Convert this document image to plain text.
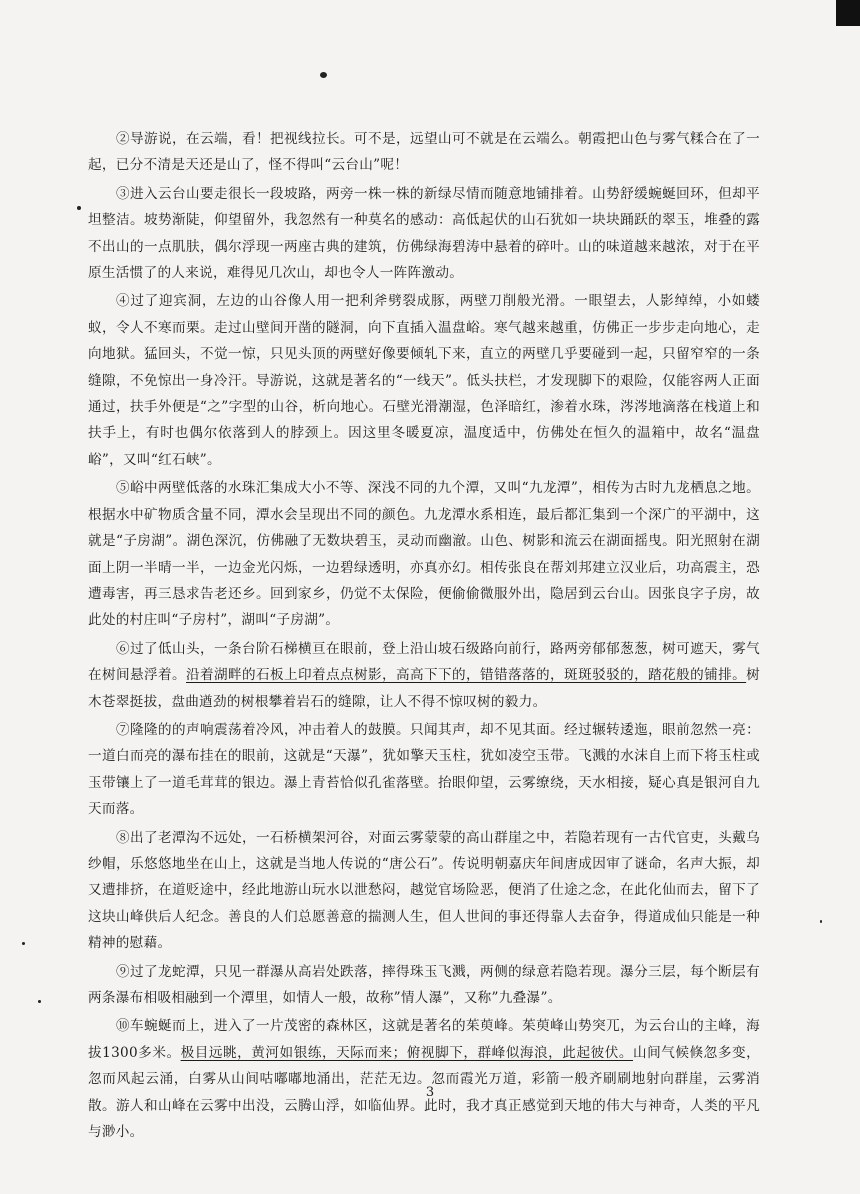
②导游说，在云端，看！把视线拉长。可不是，远望山可不就是在云端么。朝霞把山色与雾气糅合在了一起，已分不清是天还是山了，怪不得叫“云台山”呢！

③进入云台山要走很长一段坡路，两旁一株一株的新绿尽情而随意地铺排着。山势舒缓蜿蜒回环，但却平坦整洁。坡势渐陡，仰望留外，我忽然有一种莫名的感动：高低起伏的山石犹如一块块踊跃的翠玉，堆叠的露不出山的一点肌肤，偶尔浮现一两座古典的建筑，仿佛绿海碧涛中悬着的碎叶。山的味道越来越浓，对于在平原生活惯了的人来说，难得见几次山，却也令人一阵阵激动。

④过了迎宾洞，左边的山谷像人用一把利斧劈裂成豚，两壁刀削般光滑。一眼望去，人影绰绰，小如蝼蚁，令人不寒而栗。走过山壁间开凿的隧洞，向下直插入温盘峪。寒气越来越重，仿佛正一步步走向地心，走向地狱。猛回头，不觉一惊，只见头顶的两壁好像要倾轧下来，直立的两壁几乎要碰到一起，只留窄窄的一条缝隙，不免惊出一身冷汗。导游说，这就是著名的“一线天”。低头扶栏，才发现脚下的艰险，仅能容两人正面通过，扶手外便是“之”字型的山谷，析向地心。石壁光滑潮湿，色泽暗红，渗着水珠，涔涔地滴落在栈道上和扶手上，有时也偶尔依落到人的脖颈上。因这里冬暖夏凉，温度适中，仿佛处在恒久的温箱中，故名“温盘峪”，又叫“红石峡”。

⑤峪中两壁低落的水珠汇集成大小不等、深浅不同的九个潭，又叫“九龙潭”，相传为古时九龙栖息之地。根据水中矿物质含量不同，潭水会呈现出不同的颜色。九龙潭水系相连，最后都汇集到一个深广的平湖中，这就是“子房湖”。湖色深沉，仿佛融了无数块碧玉，灵动而幽澈。山色、树影和流云在湖面摇曳。阳光照射在湖面上阴一半晴一半，一边金光闪烁，一边碧绿透明，亦真亦幻。相传张良在帮刘邦建立汉业后，功高震主，恐遭毒害，再三恳求告老还乡。回到家乡，仍觉不太保险，便偷偷微服外出，隐居到云台山。因张良字子房，故此处的村庄叫“子房村”，湖叫“子房湖”。

⑥过了低山头，一条台阶石梯横亘在眼前，登上沿山坡石级路向前行，路两旁郁郁葱葱，树可遮天，雾气在树间悬浮着。沿着湖畔的石板上印着点点树影，高高下下的，错错落落的，斑斑驳驳的，踏花般的铺排。树木苍翠挺拔，盘曲遒劲的树根攀着岩石的缝隙，让人不得不惊叹树的毅力。

⑦隆隆的的声响震荡着冷风，冲击着人的鼓膜。只闻其声，却不见其面。经过辗转逶迤，眼前忽然一亮：一道白而亮的瀑布挂在的眼前，这就是“天瀑”，犹如擎天玉柱，犹如凌空玉带。飞溅的水沫自上而下将玉柱或玉带镶上了一道毛茸茸的银边。瀑上青苔恰似孔雀落壁。抬眼仰望，云雾缭绕，天水相接，疑心真是银河自九天而落。

⑧出了老潭沟不远处，一石桥横架河谷，对面云雾蒙蒙的高山群崖之中，若隐若现有一古代官吏，头戴乌纱帽，乐悠悠地坐在山上，这就是当地人传说的“唐公石”。传说明朝嘉庆年间唐成因审了谜命，名声大振，却又遭排挤，在道贬途中，经此地游山玩水以泄愁闷，越觉官场险恶，便消了仕途之念，在此化仙而去，留下了这块山峰供后人纪念。善良的人们总愿善意的揣测人生，但人世间的事还得靠人去奋争，得道成仙只能是一种精神的慰藉。

⑨过了龙蛇潭，只见一群瀑从高岩处跌落，摔得珠玉飞溅，两侧的绿意若隐若现。瀑分三层，每个断层有两条瀑布相吸相融到一个潭里，如情人一般，故称”情人瀑”，又称”九叠瀑”。

⑩车蜿蜒而上，进入了一片茂密的森林区，这就是著名的茱萸峰。茱萸峰山势突兀，为云台山的主峰，海拔1300多米。极目远眺，黄河如银练，天际而来；俯视脚下，群峰似海浪，此起彼伏。山间气候倏忽多变，忽而风起云涌，白雾从山间咕嘟嘟地涌出，茫茫无边。忽而霞光万道，彩箭一般齐刷刷地射向群崖，云雾消散。游人和山峰在云雾中出没，云腾山浮，如临仙界。此时，我才真正感觉到天地的伟大与神奇，人类的平凡与渺小。

3
